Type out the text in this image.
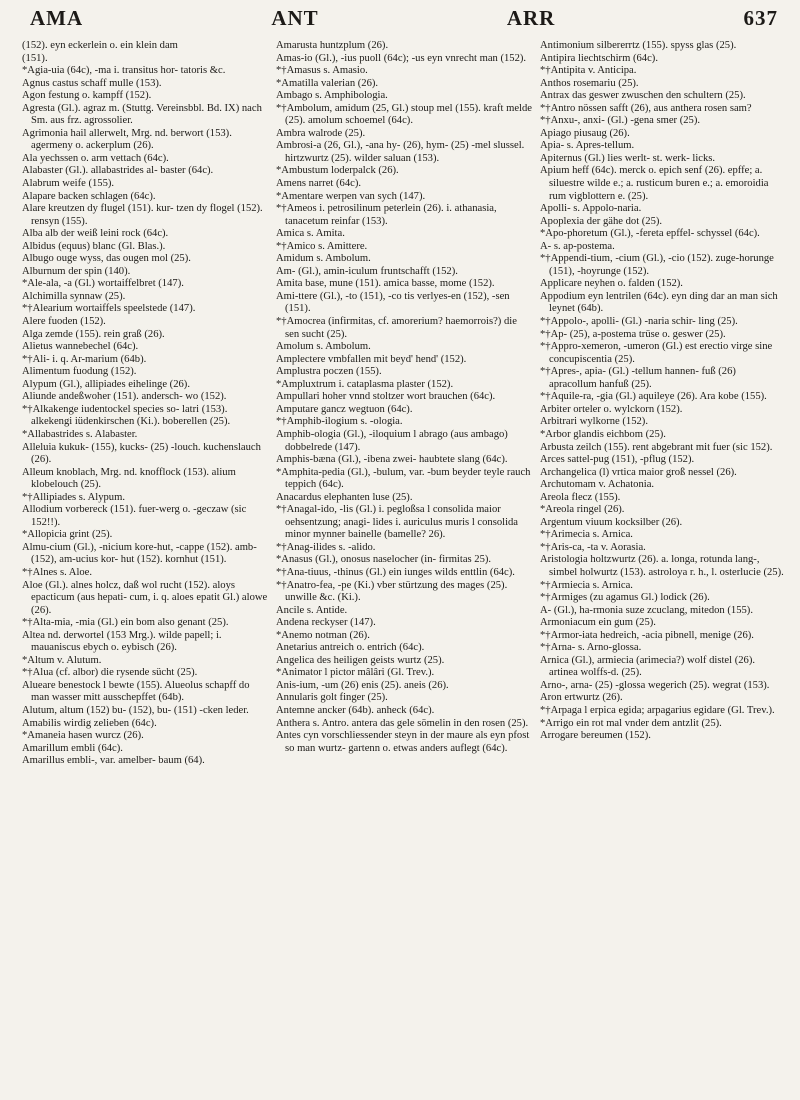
AMA	ANT	ARR	637

(152). eyn eckerlein o. ein klein dam

(151).

*Agia-uia (64c), -ma i. transitus hor- tatoris &c.

Agnus castus schaff mulle (153).

Agon festung o. kampff (152).

Agresta (Gl.). agraz m. (Stuttg. Vereinsbbl. Bd. IX) nach Sm. aus frz. agrossolier.

Agrimonia hail allerwelt, Mrg. nd. berwort (153). agermeny o. ackerplum (26).

Ala yechssen o. arm vettach (64c).

Alabaster (Gl.). allabastrides al- baster (64c).

Alabrum weife (155).

Alapare backen schlagen (64c).

Alare kreutzen dy flugel (151). kur- tzen dy flogel (152). rensyn (155).

Alba alb der weiß leini rock (64c).

Albidus (equus) blanc (Gl. Blas.).

Albugo ouge wyss, das ougen mol (25).

Alburnum der spin (140).

*Ale-ala, -a (Gl.) wortaiffelbret (147).

Alchimilla synnaw (25).

*†Alearium wortaiffels speelstede (147).

Alere fuoden (152).

Alga zemde (155). rein graß (26).

Alietus wannebechel (64c).

*†Ali- i. q. Ar-marium (64b).

Alimentum fuodung (152).

Alypum (Gl.), allipiades eihelinge (26).

Aliunde andeßwoher (151). andersch- wo (152).

*†Alkakenge iudentockel species so- latri (153). alkekengi iüdenkirschen (Ki.). boberellen (25).

*Allabastrides s. Alabaster.

Alleluia kukuk- (155), kucks- (25) -louch. kuchenslauch (26).

Alleum knoblach, Mrg. nd. knofflock (153). alium klobelouch (25).

*†Allipiades s. Alypum.

Allodium vorbereck (151). fuer-werg o. -geczaw (sic 152!!).

*Allopicia grint (25).

Almu-cium (Gl.), -nicium kore-hut, -cappe (152). amb- (152), am-ucius kor- hut (152). kornhut (151).

*†Alnes s. Aloe.

Aloe (Gl.). alnes holcz, daß wol rucht (152). aloys epacticum (aus hepati- cum, i. q. aloes epatit Gl.) alowe (26).

*†Alta-mia, -mia (Gl.) ein bom also genant (25).

Altea nd. derwortel (153 Mrg.). wilde papell; i. mauaniscus ebych o. eybisch (26).

*Altum v. Alutum.

*†Alua (cf. albor) die rysende sücht (25).

Alueare benestock l bewte (155). Alueolus schapff do man wasser mitt ausschepffet (64b).

Alutum, altum (152) bu- (152), bu- (151) -cken leder.

Amabilis wirdig zelieben (64c).

*Amaneia hasen wurcz (26).

Amarillum embli (64c).

Amarillus embli-, var. amelber- baum (64).

Amarusta huntzplum (26).

Amas-io (Gl.), -ius puoll (64c); -us eyn vnrecht man (152).

*†Amasus s. Amasio.

*Amatilla valerian (26).

Ambago s. Amphibologia.

*†Ambolum, amidum (25, Gl.) stoup mel (155). kraft melde (25). amolum schoemel (64c).

Ambra walrode (25).

Ambrosi-a (26, Gl.), -ana hy- (26), hym- (25) -mel slussel. hirtzwurtz (25). wilder saluan (153).

*Ambustum loderpalck (26).

Amens narret (64c).

*Amentare werpen van sych (147).

*†Ameos i. petrosilinum peterlein (26). i. athanasia, tanacetum reinfar (153).

Amica s. Amita.

*†Amico s. Amittere.

Amidum s. Ambolum.

Am- (Gl.), amin-iculum fruntschafft (152).

Amita base, mune (151). amica basse, mome (152).

Ami-ttere (Gl.), -to (151), -co tis verlyes-en (152), -sen (151).

*†Amocrea (infirmitas, cf. amorerium? haemorrois?) die sen sucht (25).

Amolum s. Ambolum.

Amplectere vmbfallen mit beyd' hend' (152).

Amplustra poczen (155).

*Ampluxtrum i. cataplasma plaster (152).

Ampullari hoher vnnd stoltzer wort brauchen (64c).

Amputare gancz wegtuon (64c).

*†Amphib-ilogium s. -ologia.

Amphib-ologia (Gl.), -iloquium l abrago (aus ambago) dobbelrede (147).

Amphis-bæna (Gl.), -ibena zwei- haubtete slang (64c).

*Amphita-pedia (Gl.), -bulum, var. -bum beyder teyle rauch teppich (64c).

Anacardus elephanten luse (25).

*†Anagal-ido, -lis (Gl.) i. pegloßsa l consolida maior oehsentzung; anagi- lides i. auriculus muris l consolida minor mynner bainelle (bamelle? 26).

*†Anag-ilides s. -alido.

*Anasus (Gl.), onosus naselocher (in- firmitas 25).

*†Ana-tiuus, -thinus (Gl.) ein iunges wilds enttlin (64c).

*†Anatro-fea, -pe (Ki.) vber stürtzung des mages (25). unwille &c. (Ki.).

Ancile s. Antide.

Andena reckyser (147).

*Anemo notman (26).

Anetarius antreich o. entrich (64c).

Angelica des heiligen geists wurtz (25).

*Animator l pictor mâlâri (Gl. Trev.).

Anis-ium, -um (26) enis (25). aneis (26).

Annularis golt finger (25).

Antemne ancker (64b). anheck (64c).

Anthera s. Antro. antera das gele sömelin in den rosen (25).

Antes cyn vorschliessender steyn in der maure als eyn pfost so man wurtz- gartenn o. etwas anders auflegt (64c).

Antimonium silbererrtz (155). spyss glas (25).

Antipira liechtschirm (64c).

*†Antipita v. Anticipa.

Anthos rosemariu (25).

Antrax das geswer zwuschen den schultern (25).

*†Antro nössen safft (26), aus anthera rosen sam?

*†Anxu-, anxi- (Gl.) -gena smer (25).

Apiago piusaug (26).

Apia- s. Apres-tellum.

Apiternus (Gl.) lies werlt- st. werk- licks.

Apium heff (64c). merck o. epich senf (26). epffe; a. siluestre wilde e.; a. rusticum buren e.; a. emoroidia rum vigblottern e. (25).

Apolli- s. Appolo-naria.

Apoplexia der gähe dot (25).

*Apo-phoretum (Gl.), -fereta epffel- schyssel (64c).

A- s. ap-postema.

*†Appendi-tium, -cium (Gl.), -cio (152). zuge-horunge (151), -hoyrunge (152).

Applicare neyhen o. falden (152).

Appodium eyn lentrilen (64c). eyn ding dar an man sich leynet (64b).

*†Appolo-, apolli- (Gl.) -naria schir- ling (25).

*†Ap- (25), a-postema trüse o. geswer (25).

*†Appro-xemeron, -umeron (Gl.) est erectio virge sine concupiscentia (25).

*†Apres-, apia- (Gl.) -tellum hannen- fuß (26) apracollum hanfuß (25).

*†Aquile-ra, -gia (Gl.) aquileye (26). Ara kobe (155).

Arbiter orteler o. wylckorn (152).

Arbitrari wylkorne (152).

*Arbor glandis eichbom (25).

Arbusta zeilch (155). rent abgebrant mit fuer (sic 152).

Arces sattel-pug (151), -pflug (152).

Archangelica (l) vrtica maior groß nessel (26).

Archutomam v. Achatonia.

Areola flecz (155).

*Areola ringel (26).

Argentum viuum kocksilber (26).

*†Arimecia s. Arnica.

*†Aris-ca, -ta v. Aorasia.

Aristologia holtzwurtz (26). a. longa, rotunda lang-, simbel holwurtz (153). astroloya r. h., l. osterlucie (25).

*†Armiecia s. Arnica.

*†Armiges (zu agamus Gl.) lodick (26).

A- (Gl.), ha-rmonia suze zcuclang, mitedon (155).

Armoniacum ein gum (25).

*†Armor-iata hedreich, -acia pibnell, menige (26).

*†Arna- s. Arno-glossa.

Arnica (Gl.), armiecia (arimecia?) wolf distel (26). artinea wolffs-d. (25).

Arno-, arna- (25) -glossa wegerich (25). wegrat (153).

Aron ertwurtz (26).

*†Arpaga l erpica egida; arpagarius egidare (Gl. Trev.).

*Arrigo ein rot mal vnder dem antzlit (25).

Arrogare bereumen (152).
